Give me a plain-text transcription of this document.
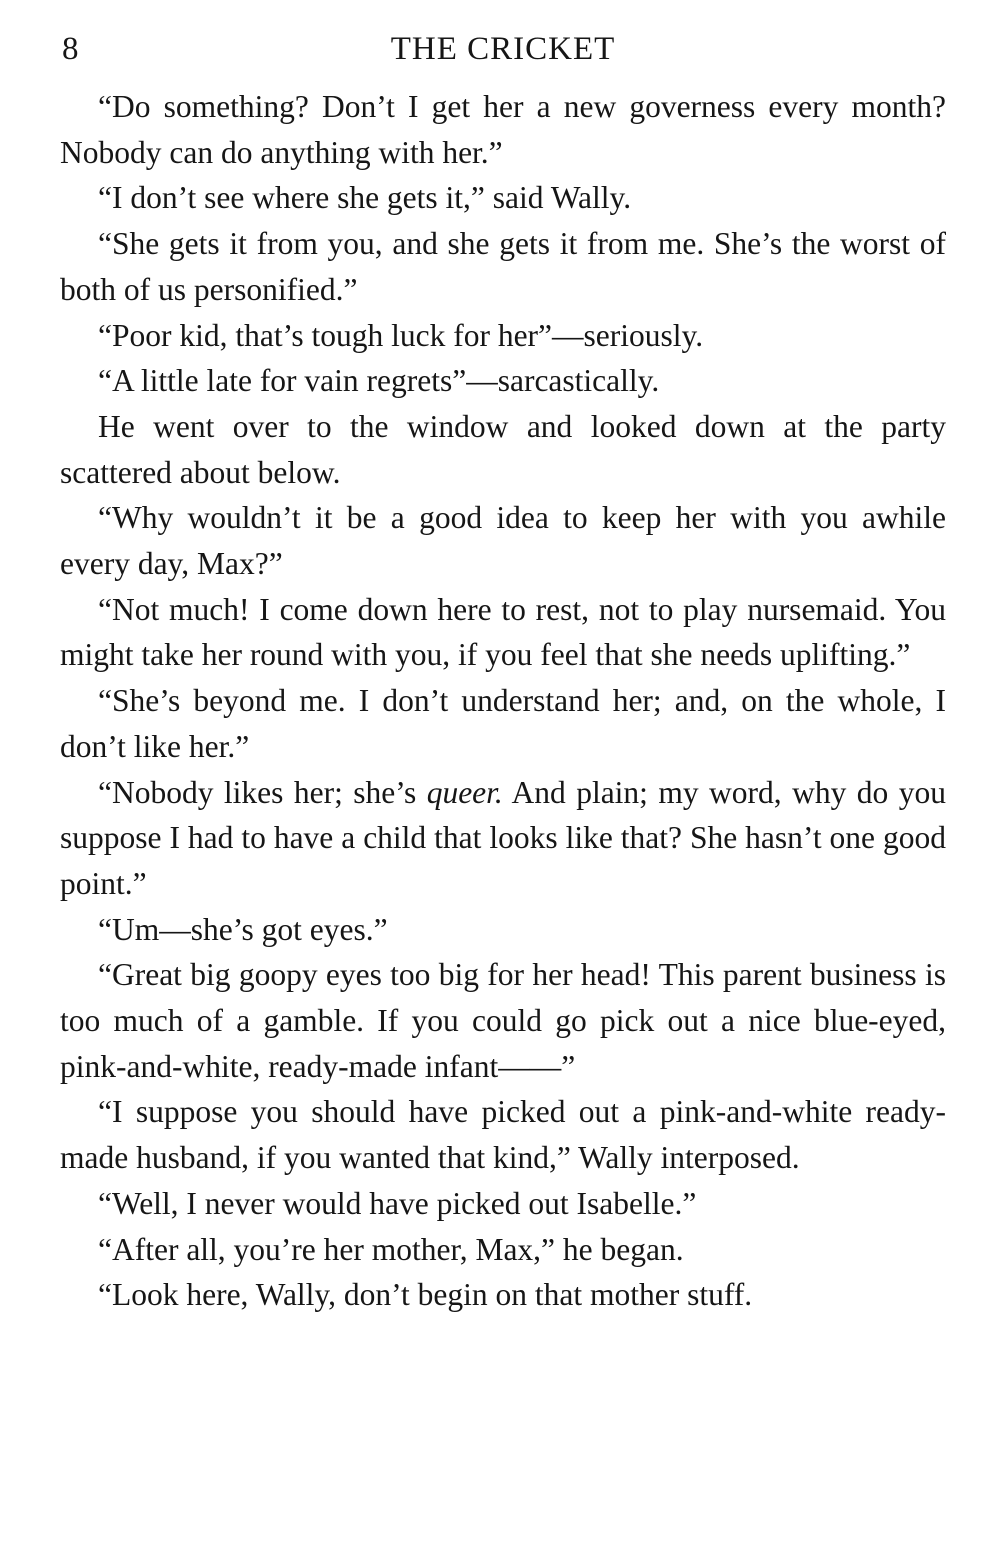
8	THE CRICKET

“Do something? Don’t I get her a new governess every month? Nobody can do anything with her.”

“I don’t see where she gets it,” said Wally.

“She gets it from you, and she gets it from me. She’s the worst of both of us personified.”

“Poor kid, that’s tough luck for her”—seriously.

“A little late for vain regrets”—sarcastically.

He went over to the window and looked down at the party scattered about below.

“Why wouldn’t it be a good idea to keep her with you awhile every day, Max?”

“Not much! I come down here to rest, not to play nursemaid. You might take her round with you, if you feel that she needs uplifting.”

“She’s beyond me. I don’t understand her; and, on the whole, I don’t like her.”

“Nobody likes her; she’s queer. And plain; my word, why do you suppose I had to have a child that looks like that? She hasn’t one good point.”

“Um—she’s got eyes.”

“Great big goopy eyes too big for her head! This parent business is too much of a gamble. If you could go pick out a nice blue-eyed, pink-and-white, ready-made infant——”

“I suppose you should have picked out a pink-and-white ready-made husband, if you wanted that kind,” Wally interposed.

“Well, I never would have picked out Isabelle.”

“After all, you’re her mother, Max,” he began.

“Look here, Wally, don’t begin on that mother stuff.
